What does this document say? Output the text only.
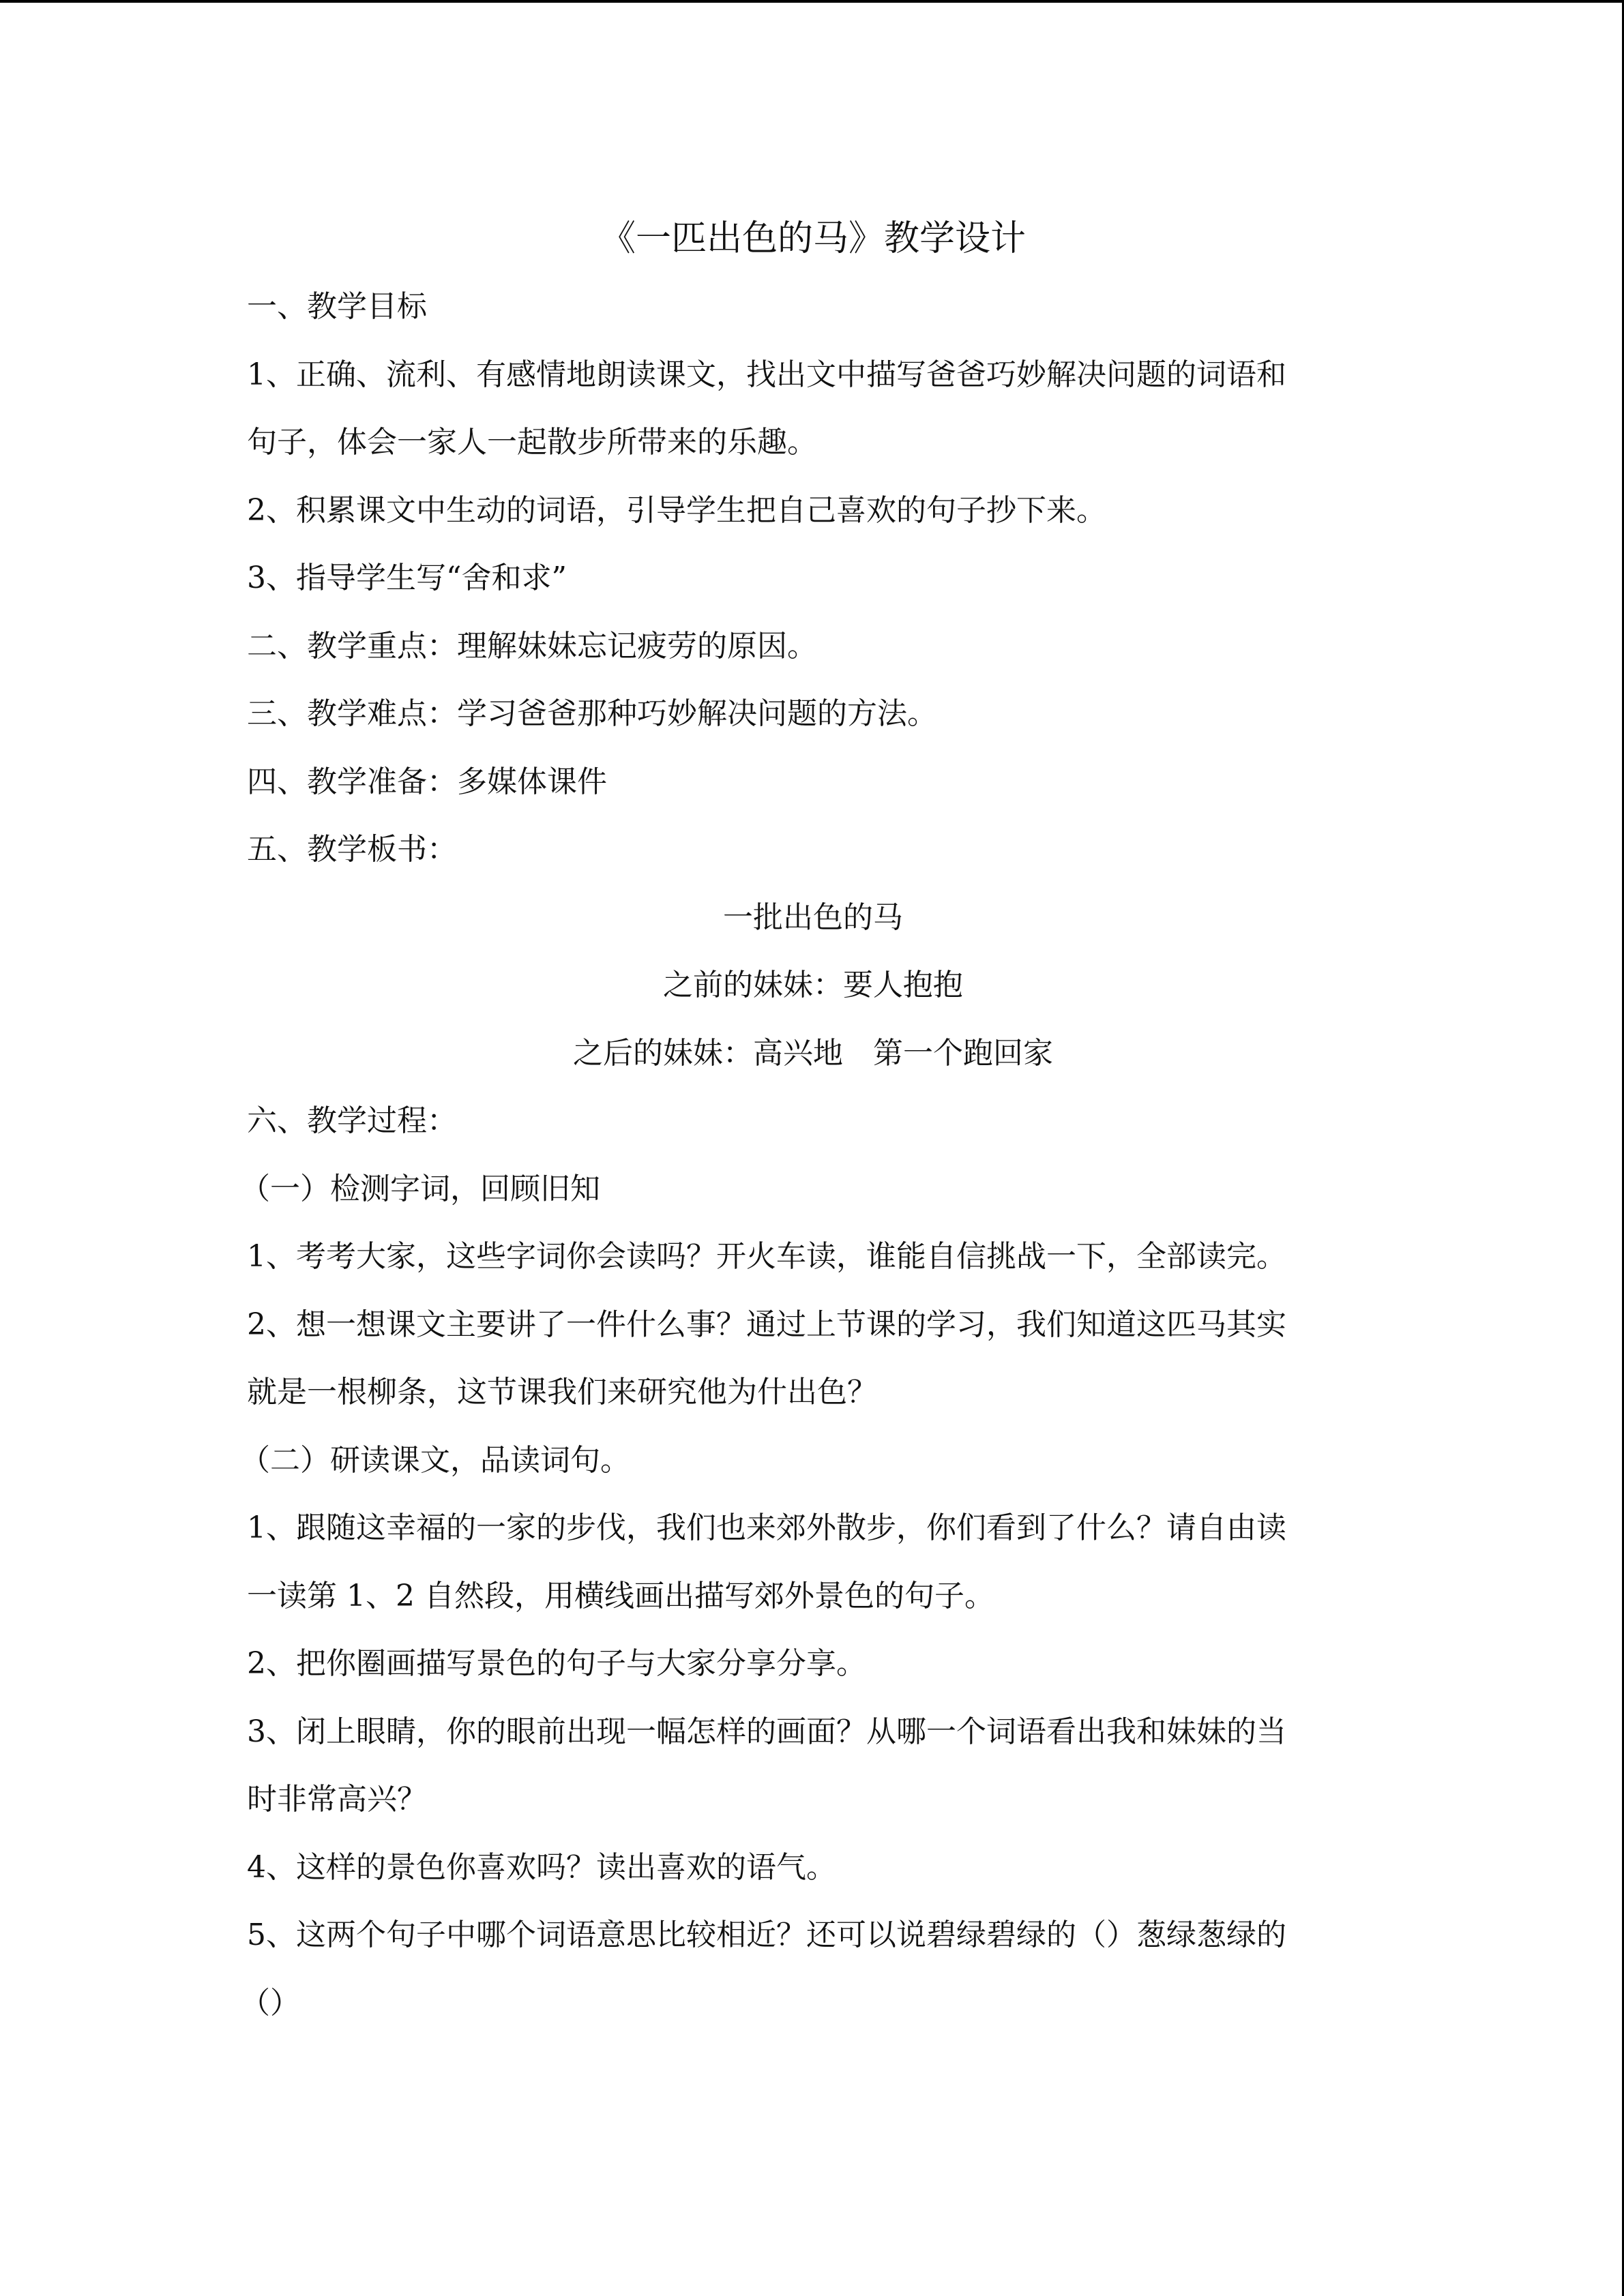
《一匹出色的马》教学设计

一、教学目标

1、正确、流利、有感情地朗读课文，找出文中描写爸爸巧妙解决问题的词语和

句子，体会一家人一起散步所带来的乐趣。

2、积累课文中生动的词语，引导学生把自己喜欢的句子抄下来。

3、指导学生写“舍和求”

二、教学重点：理解妹妹忘记疲劳的原因。

三、教学难点：学习爸爸那种巧妙解决问题的方法。

四、教学准备：多媒体课件

五、教学板书：

一批出色的马

之前的妹妹：要人抱抱

之后的妹妹：高兴地　第一个跑回家

六、教学过程：

（一）检测字词，回顾旧知

1、考考大家，这些字词你会读吗？开火车读，谁能自信挑战一下，全部读完。

2、想一想课文主要讲了一件什么事？通过上节课的学习，我们知道这匹马其实

就是一根柳条，这节课我们来研究他为什出色？

（二）研读课文，品读词句。

1、跟随这幸福的一家的步伐，我们也来郊外散步，你们看到了什么？请自由读

一读第 1、2 自然段，用横线画出描写郊外景色的句子。

2、把你圈画描写景色的句子与大家分享分享。

3、闭上眼睛，你的眼前出现一幅怎样的画面？从哪一个词语看出我和妹妹的当

时非常高兴？

4、这样的景色你喜欢吗？读出喜欢的语气。

5、这两个句子中哪个词语意思比较相近？还可以说碧绿碧绿的（）葱绿葱绿的

（）
